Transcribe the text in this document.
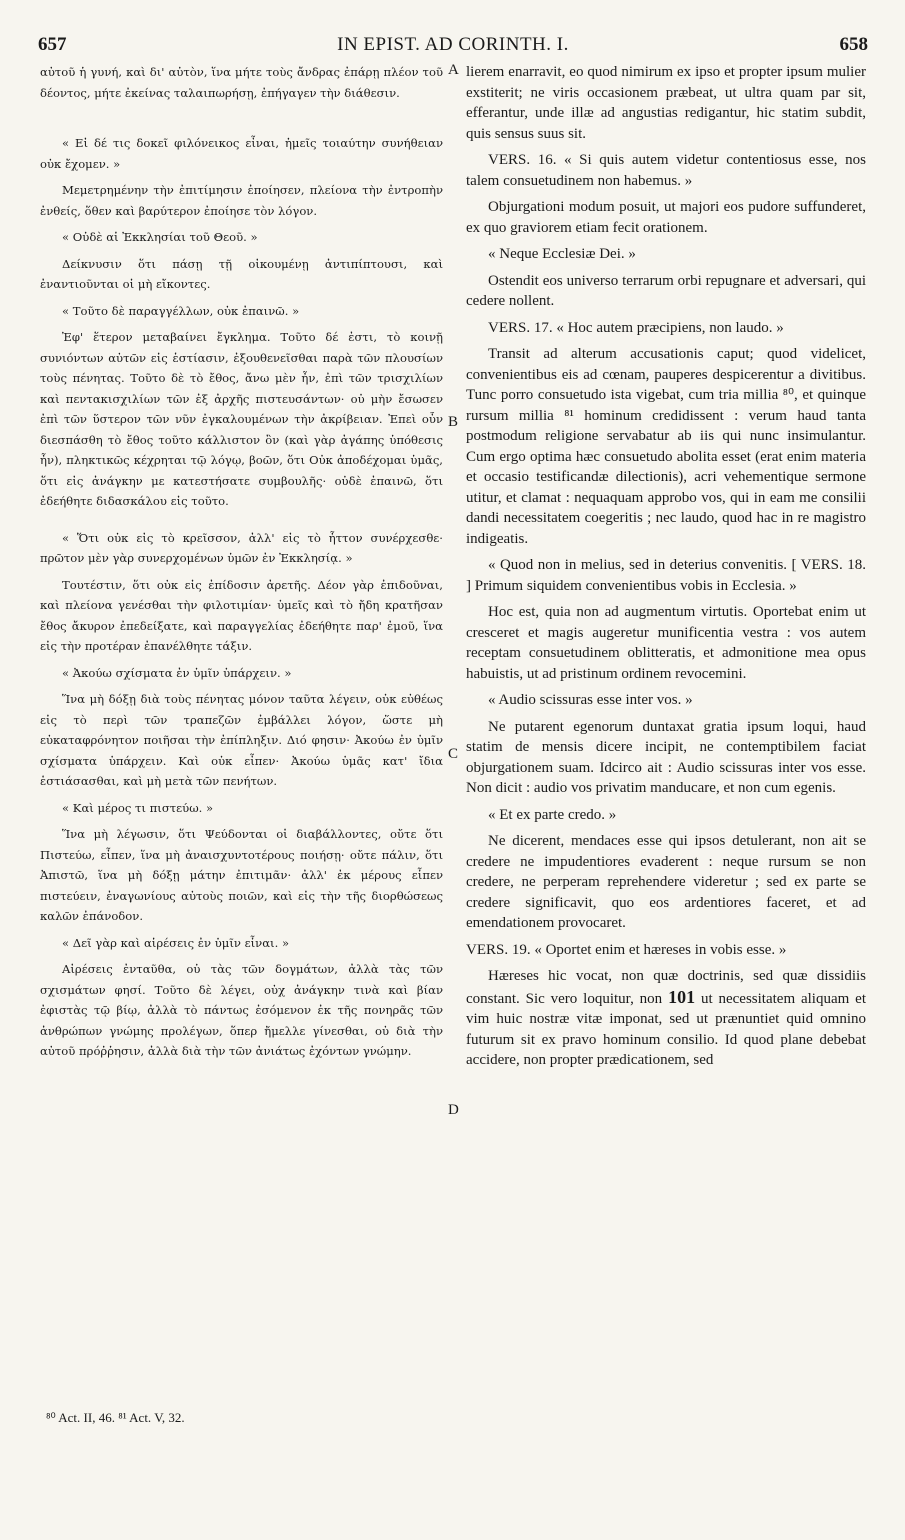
657	IN EPIST. AD CORINTH. I.	658

αὐτοῦ ἡ γυνή, καὶ δι' αὐτὸν, ἵνα μήτε τοὺς ἄνδρας ἐπάρῃ πλέον τοῦ δέοντος, μήτε ἐκείνας ταλαιπωρήσῃ, ἐπήγαγεν τὴν διάθεσιν.

« Εἰ δέ τις δοκεῖ φιλόνεικος εἶναι, ἡμεῖς τοιαύτην συνήθειαν οὐκ ἔχομεν. »

Μεμετρημένην τὴν ἐπιτίμησιν ἐποίησεν, πλείονα τὴν ἐντροπὴν ἐνθείς, ὅθεν καὶ βαρύτερον ἐποίησε τὸν λόγον.

« Οὐδὲ αἱ Ἐκκλησίαι τοῦ Θεοῦ. »

Δείκνυσιν ὅτι πάσῃ τῇ οἰκουμένῃ ἀντιπίπτουσι, καὶ ἐναντιοῦνται οἱ μὴ εἴκοντες.

« Τοῦτο δὲ παραγγέλλων, οὐκ ἐπαινῶ. »

Ἐφ' ἕτερον μεταβαίνει ἔγκλημα. Τοῦτο δέ ἐστι, τὸ κοινῇ συνιόντων αὐτῶν εἰς ἑστίασιν, ἐξουθενεῖσθαι παρὰ τῶν πλουσίων τοὺς πένητας. Τοῦτο δὲ τὸ ἔθος, ἄνω μὲν ἦν, ἐπὶ τῶν τρισχιλίων καὶ πεντακισχιλίων τῶν ἐξ ἀρχῆς πιστευσάντων· οὐ μὴν ἔσωσεν ἐπὶ τῶν ὕστερον τῶν νῦν ἐγκαλουμένων τὴν ἀκρίβειαν. Ἐπεὶ οὖν διεσπάσθη τὸ ἔθος τοῦτο κάλλιστον ὂν (καὶ γὰρ ἀγάπης ὑπόθεσις ἦν), πληκτικῶς κέχρηται τῷ λόγῳ, βοῶν, ὅτι Οὐκ ἀποδέχομαι ὑμᾶς, ὅτι εἰς ἀνάγκην με κατεστήσατε συμβουλῆς· οὐδὲ ἐπαινῶ, ὅτι ἐδεήθητε διδασκάλου εἰς τοῦτο.

« Ὅτι οὐκ εἰς τὸ κρεῖσσον, ἀλλ' εἰς τὸ ἧττον συνέρχεσθε· πρῶτον μὲν γὰρ συνερχομένων ὑμῶν ἐν Ἐκκλησίᾳ. »

Τουτέστιν, ὅτι οὐκ εἰς ἐπίδοσιν ἀρετῆς. Δέον γὰρ ἐπιδοῦναι, καὶ πλείονα γενέσθαι τὴν φιλοτιμίαν· ὑμεῖς καὶ τὸ ἤδη κρατῆσαν ἔθος ἄκυρον ἐπεδείξατε, καὶ παραγγελίας ἐδεήθητε παρ' ἐμοῦ, ἵνα εἰς τὴν προτέραν ἐπανέλθητε τάξιν.

« Ἀκούω σχίσματα ἐν ὑμῖν ὑπάρχειν. »

Ἵνα μὴ δόξῃ διὰ τοὺς πένητας μόνον ταῦτα λέγειν, οὐκ εὐθέως εἰς τὸ περὶ τῶν τραπεζῶν ἐμβάλλει λόγον, ὥστε μὴ εὐκαταφρόνητον ποιῆσαι τὴν ἐπίπληξιν. Διό φησιν· Ἀκούω ἐν ὑμῖν σχίσματα ὑπάρχειν. Καὶ οὐκ εἶπεν· Ἀκούω ὑμᾶς κατ' ἴδια ἑστιάσασθαι, καὶ μὴ μετὰ τῶν πενήτων.

« Καὶ μέρος τι πιστεύω. »

Ἵνα μὴ λέγωσιν, ὅτι Ψεύδονται οἱ διαβάλλοντες, οὔτε ὅτι Πιστεύω, εἶπεν, ἵνα μὴ ἀναισχυντοτέρους ποιήσῃ· οὔτε πάλιν, ὅτι Ἀπιστῶ, ἵνα μὴ δόξῃ μάτην ἐπιτιμᾶν· ἀλλ' ἐκ μέρους εἶπεν πιστεύειν, ἐναγωνίους αὐτοὺς ποιῶν, καὶ εἰς τὴν τῆς διορθώσεως καλῶν ἐπάνοδον.

« Δεῖ γὰρ καὶ αἱρέσεις ἐν ὑμῖν εἶναι. »

Αἱρέσεις ἐνταῦθα, οὐ τὰς τῶν δογμάτων, ἀλλὰ τὰς τῶν σχισμάτων φησί. Τοῦτο δὲ λέγει, οὐχ ἀνάγκην τινὰ καὶ βίαν ἐφιστὰς τῷ βίῳ, ἀλλὰ τὸ πάντως ἐσόμενον ἐκ τῆς πονηρᾶς τῶν ἀνθρώπων γνώμης προλέγων, ὅπερ ἤμελλε γίνεσθαι, οὐ διὰ τὴν αὐτοῦ πρόῤῥησιν, ἀλλὰ διὰ τὴν τῶν ἀνιάτως ἐχόντων γνώμην.

A
B
C
D

lierem enarravit, eo quod nimirum ex ipso et propter ipsum mulier exstiterit; ne viris occasionem præbeat, ut ultra quam par sit, efferantur, unde illæ ad angustias redigantur, hic statim subdit, quis sensus suus sit.

VERS. 16. « Si quis autem videtur contentiosus esse, nos talem consuetudinem non habemus. »

Objurgationi modum posuit, ut majori eos pudore suffunderet, ex quo graviorem etiam fecit orationem.

« Neque Ecclesiæ Dei. »

Ostendit eos universo terrarum orbi repugnare et adversari, qui cedere nollent.

VERS. 17. « Hoc autem præcipiens, non laudo. »

Transit ad alterum accusationis caput; quod videlicet, convenientibus eis ad cœnam, pauperes despicerentur a divitibus. Tunc porro consuetudo ista vigebat, cum tria millia ⁸⁰, et quinque rursum millia ⁸¹ hominum credidissent : verum haud tanta postmodum religione servabatur ab iis qui nunc insimulantur. Cum ergo optima hæc consuetudo abolita esset (erat enim materia et occasio testificandæ dilectionis), acri vehementique sermone utitur, et clamat : nequaquam approbo vos, qui in eam me consilii dandi necessitatem coegeritis ; nec laudo, quod hac in re magistro indigeatis.

« Quod non in melius, sed in deterius convenitis. [ VERS. 18. ] Primum siquidem convenientibus vobis in Ecclesia. »

Hoc est, quia non ad augmentum virtutis. Oportebat enim ut cresceret et magis augeretur munificentia vestra : vos autem receptam consuetudinem oblitteratis, et admonitione mea opus habuistis, ut ad pristinum ordinem revocemini.

« Audio scissuras esse inter vos. »

Ne putarent egenorum duntaxat gratia ipsum loqui, haud statim de mensis dicere incipit, ne contemptibilem faciat objurgationem suam. Idcirco ait : Audio scissuras inter vos esse. Non dicit : audio vos privatim manducare, et non cum egenis.

« Et ex parte credo. »

Ne dicerent, mendaces esse qui ipsos detulerant, non ait se credere ne impudentiores evaderent : neque rursum se non credere, ne perperam reprehendere videretur ; sed ex parte se credere significavit, quo eos ardentiores faceret, et ad emendationem provocaret.

VERS. 19. « Oportet enim et hæreses in vobis esse. »

Hæreses hic vocat, non quæ doctrinis, sed quæ dissidiis constant. Sic vero loquitur, non 101 ut necessitatem aliquam et vim huic nostræ vitæ imponat, sed ut prænuntiet quid omnino futurum sit ex pravo hominum consilio. Id quod plane debebat accidere, non propter prædicationem, sed

⁸⁰ Act. II, 46. ⁸¹ Act. V, 32.
